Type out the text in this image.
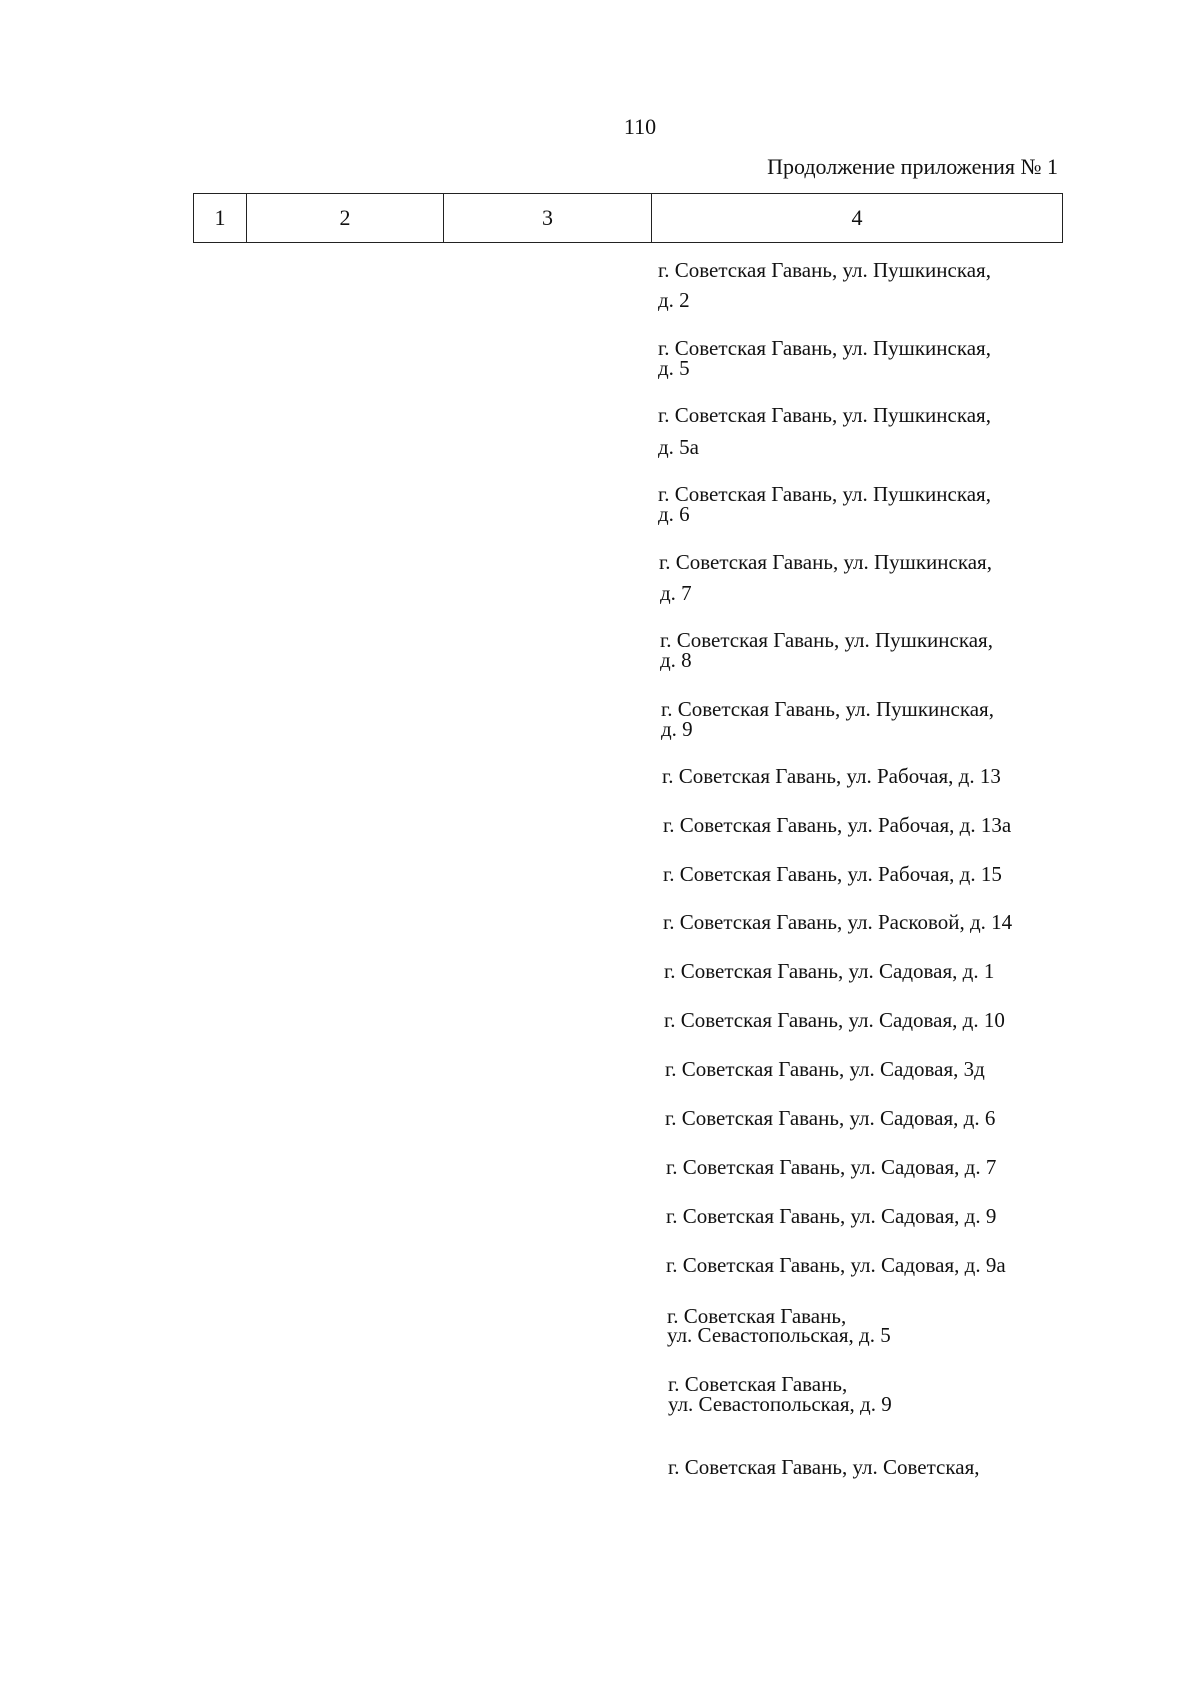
110
Продолжение приложения № 1
1	2	3	4
г. Советская Гавань, ул. Пушкинская,
д. 2
г. Советская Гавань, ул. Пушкинская,
д. 5
г. Советская Гавань, ул. Пушкинская,
д. 5а
г. Советская Гавань, ул. Пушкинская,
д. 6
г. Советская Гавань, ул. Пушкинская,
д. 7
г. Советская Гавань, ул. Пушкинская,
д. 8
г. Советская Гавань, ул. Пушкинская,
д. 9
г. Советская Гавань, ул. Рабочая, д. 13
г. Советская Гавань, ул. Рабочая, д. 13а
г. Советская Гавань, ул. Рабочая, д. 15
г. Советская Гавань, ул. Расковой, д. 14
г. Советская Гавань, ул. Садовая, д. 1
г. Советская Гавань, ул. Садовая, д. 10
г. Советская Гавань, ул. Садовая, 3д
г. Советская Гавань, ул. Садовая, д. 6
г. Советская Гавань, ул. Садовая, д. 7
г. Советская Гавань, ул. Садовая, д. 9
г. Советская Гавань, ул. Садовая, д. 9а
г. Советская Гавань,
ул. Севастопольская, д. 5
г. Советская Гавань,
ул. Севастопольская, д. 9
г. Советская Гавань, ул. Советская,
